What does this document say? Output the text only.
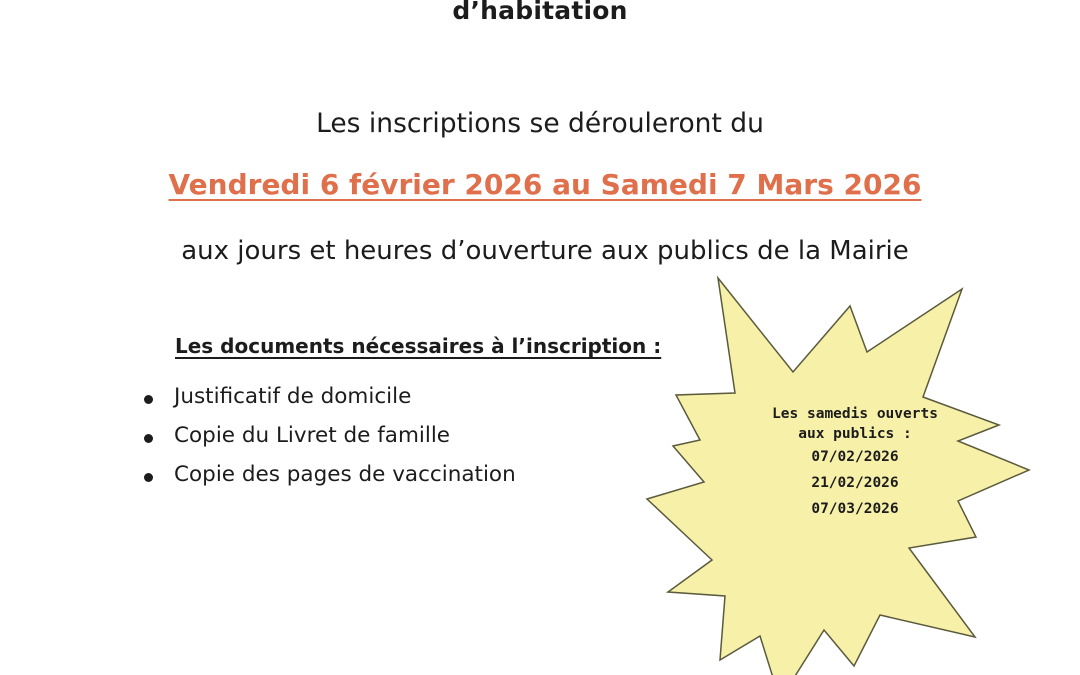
d’habitation
Les inscriptions se dérouleront du
Vendredi 6 février 2026 au Samedi 7 Mars 2026
aux jours et heures d’ouverture aux publics de la Mairie
Les documents nécessaires à l’inscription :
Justificatif de domicile
Copie du Livret de famille
Copie des pages de vaccination
Les samedis ouverts
aux publics :
07/02/2026
21/02/2026
07/03/2026
